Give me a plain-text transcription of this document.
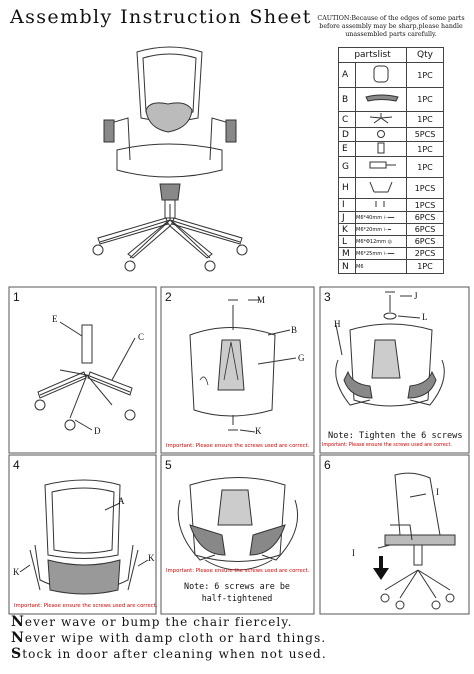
Assembly Instruction Sheet CAUTION:Because of the edges of some parts before assembly may be sharp,please handle unassembled parts carefully.
partslist		Qty
A		1PC
B		1PC
C		1PC
D		5PCS
E		1PC
G		1PC
H		1PCS
I		1PCS
J	M6*40mm ⊢━━	6PCS
K	M6*20mm ⊢━	6PCS
L	M6*Φ12mm ◎	6PCS
M	M6*25mm ⊢━━	2PCS
N	M6	1PC
1	2	3
4	5	6
E
C
D
M
B
G
K
Important: Please ensure the screws used are correct.
J
H
L
Note: Tighten the 6 screws
Important: Please ensure the screws used are correct.
A
K
K
Important: Please ensure the screws used are correct.
Note: 6 screws are be
half-tightened
Important: Please ensure the screws used are correct.
I
I
Never wave or bump the chair fiercely.
Never wipe with damp cloth or hard things.
Stock in door after cleaning when not used.
